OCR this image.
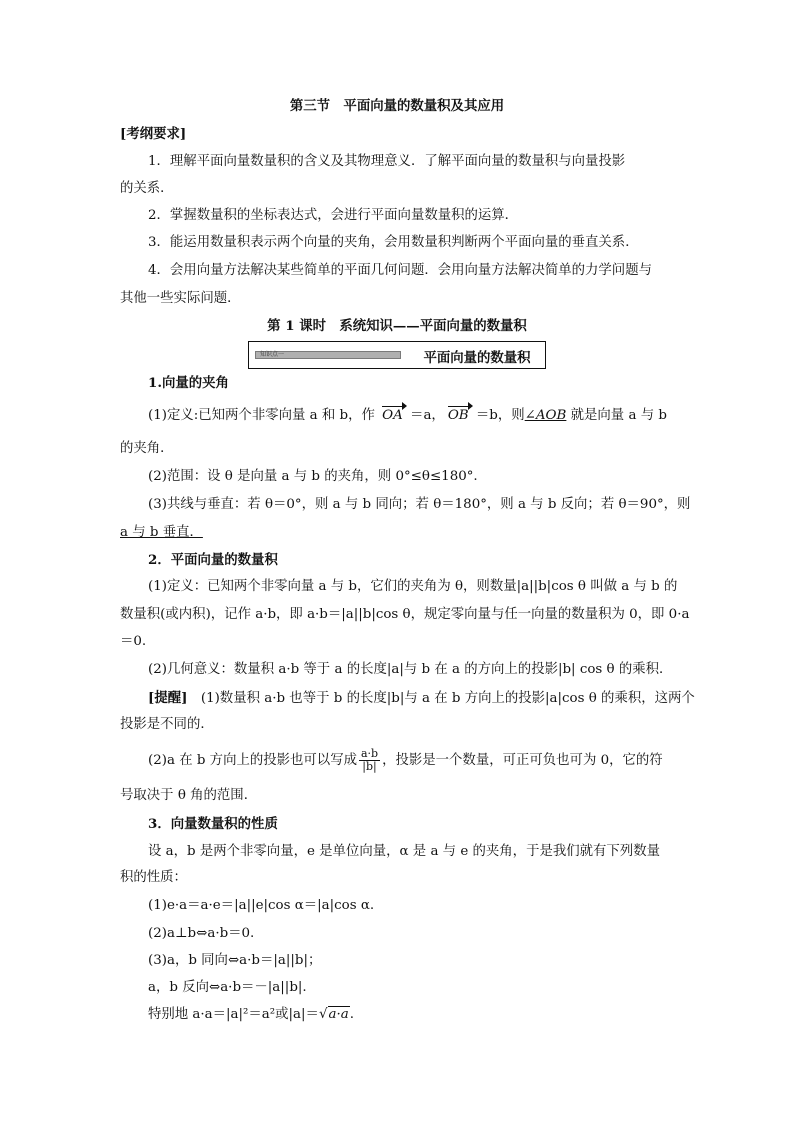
第三节　平面向量的数量积及其应用
[考纲要求]
1．理解平面向量数量积的含义及其物理意义．了解平面向量的数量积与向量投影
的关系．
2．掌握数量积的坐标表达式，会进行平面向量数量积的运算．
3．能运用数量积表示两个向量的夹角，会用数量积判断两个平面向量的垂直关系．
4．会用向量方法解决某些简单的平面几何问题．会用向量方法解决简单的力学问题与
其他一些实际问题．
第 1 课时　系统知识——平面向量的数量积
知识点一	平面向量的数量积
1.向量的夹角
(1)定义:已知两个非零向量 a 和 b，作 OA ＝a， OB ＝b，则∠AOB 就是向量 a 与 b
的夹角．
(2)范围：设 θ 是向量 a 与 b 的夹角，则 0°≤θ≤180°.
(3)共线与垂直：若 θ＝0°，则 a 与 b 同向；若 θ＝180°，则 a 与 b 反向；若 θ＝90°，则
a 与 b 垂直．
2．平面向量的数量积
(1)定义：已知两个非零向量 a 与 b，它们的夹角为 θ，则数量|a||b|cos θ 叫做 a 与 b 的
数量积(或内积)，记作 a·b，即 a·b＝|a||b|cos θ，规定零向量与任一向量的数量积为 0，即 0·a
＝0.
(2)几何意义：数量积 a·b 等于 a 的长度|a|与 b 在 a 的方向上的投影|b| cos θ 的乘积．
[提醒]　(1)数量积 a·b 也等于 b 的长度|b|与 a 在 b 方向上的投影|a|cos θ 的乘积，这两个
投影是不同的．
(2)a 在 b 方向上的投影也可以写成 $\frac{a\cdot b}{|b|}$ ，投影是一个数量，可正可负也可为 0，它的符
号取决于 θ 角的范围．
3．向量数量积的性质
设 a，b 是两个非零向量，e 是单位向量，α 是 a 与 e 的夹角，于是我们就有下列数量
积的性质：
(1)e·a＝a·e＝|a||e|cos α＝|a|cos α.
(2)a⊥b⇔a·b＝0.
(3)a，b 同向⇔a·b＝|a||b|；
a，b 反向⇔a·b＝－|a||b|.
特别地 a·a＝|a|²＝a²或|a|＝√a·a.
